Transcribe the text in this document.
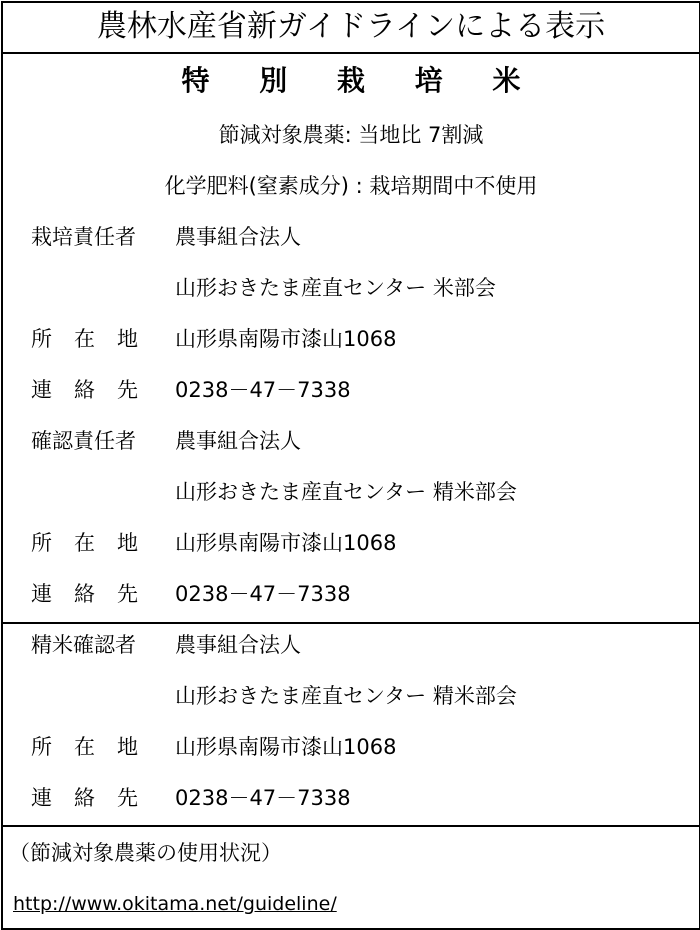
農林水産省新ガイドラインによる表示
特 別 栽 培 米
節減対象農薬: 当地比 7割減
化学肥料(窒素成分) : 栽培期間中不使用
栽培責任者 農事組合法人
山形おきたま産直センター 米部会
所在地 山形県南陽市漆山1068
連絡先 0238－47－7338
確認責任者 農事組合法人
山形おきたま産直センター 精米部会
所在地 山形県南陽市漆山1068
連絡先 0238－47－7338
精米確認者 農事組合法人
山形おきたま産直センター 精米部会
所在地 山形県南陽市漆山1068
連絡先 0238－47－7338
（節減対象農薬の使用状況）
http://www.okitama.net/guideline/
